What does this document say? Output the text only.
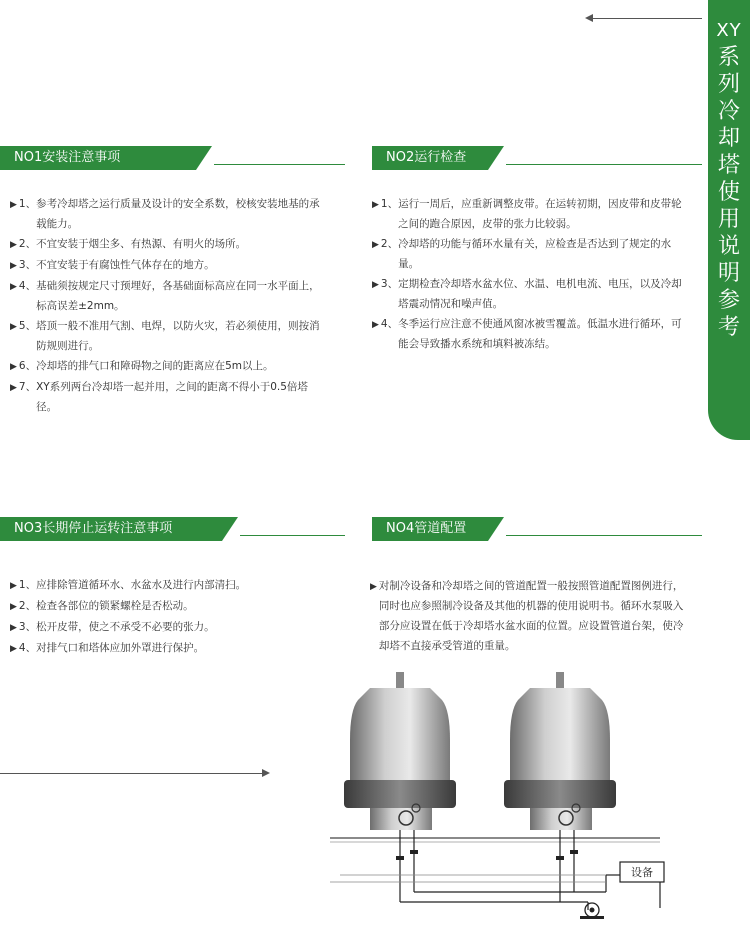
XY
系
列
冷
却
塔
使
用
说
明
参
考
NO1安装注意事项	NO2运行检查
NO3长期停止运转注意事项	NO4管道配置
▶ 1、 参考冷却塔之运行质量及设计的安全系数，校核安装地基的承载能力。
▶ 2、 不宜安装于烟尘多、有热源、有明火的场所。
▶ 3、 不宜安装于有腐蚀性气体存在的地方。
▶ 4、 基础须按规定尺寸预埋好，各基础面标高应在同一水平面上，标高误差±2mm。
▶ 5、 塔顶一般不准用气割、电焊，以防火灾，若必须使用，则按消防规则进行。
▶ 6、 冷却塔的排气口和障碍物之间的距离应在5m以上。
▶ 7、 XY系列两台冷却塔一起并用，之间的距离不得小于0.5倍塔径。
▶ 1、 运行一周后，应重新调整皮带。在运转初期，因皮带和皮带轮之间的跑合原因，皮带的张力比较弱。
▶ 2、 冷却塔的功能与循环水量有关，应检查是否达到了规定的水量。
▶ 3、 定期检查冷却塔水盆水位、水温、电机电流、电压，以及冷却塔震动情况和噪声值。
▶ 4、 冬季运行应注意不使通风窗冰被雪覆盖。低温水进行循环，可能会导致播水系统和填料被冻结。
▶ 1、 应排除管道循环水、水盆水及进行内部清扫。
▶ 2、 检查各部位的锁紧螺栓是否松动。
▶ 3、 松开皮带，使之不承受不必要的张力。
▶ 4、 对排气口和塔体应加外罩进行保护。
▶ 对制冷设备和冷却塔之间的管道配置一般按照管道配置图例进行，同时也应参照制冷设备及其他的机器的使用说明书。循环水泵吸入部分应设置在低于冷却塔水盆水面的位置。应设置管道台架，使冷却塔不直接承受管道的重量。
设备
